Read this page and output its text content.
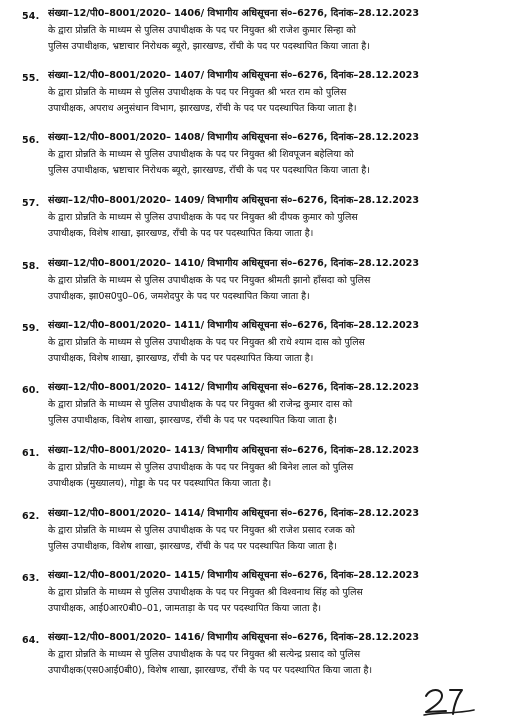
54. संख्या–12/पी0–8001/2020– 1406/ विभागीय अधिसूचना सं०–6276, दिनांक–28.12.2023
के द्वारा प्रोन्नति के माध्यम से पुलिस उपाधीक्षक के पद पर नियुक्त श्री राजेश कुमार सिन्हा को
पुलिस उपाधीक्षक, भ्रष्टाचार निरोधक ब्यूरो, झारखण्ड, राँची के पद पर पदस्थापित किया जाता है।
55. संख्या–12/पी0–8001/2020– 1407/ विभागीय अधिसूचना सं०–6276, दिनांक–28.12.2023
के द्वारा प्रोन्नति के माध्यम से पुलिस उपाधीक्षक के पद पर नियुक्त श्री भरत राम को पुलिस
उपाधीक्षक, अपराध अनुसंधान विभाग, झारखण्ड, राँची के पद पर पदस्थापित किया जाता है।
56. संख्या–12/पी0–8001/2020– 1408/ विभागीय अधिसूचना सं०–6276, दिनांक–28.12.2023
के द्वारा प्रोन्नति के माध्यम से पुलिस उपाधीक्षक के पद पर नियुक्त श्री शिवपूजन बहेलिया को
पुलिस उपाधीक्षक, भ्रष्टाचार निरोधक ब्यूरो, झारखण्ड, राँची के पद पर पदस्थापित किया जाता है।
57. संख्या–12/पी0–8001/2020– 1409/ विभागीय अधिसूचना सं०–6276, दिनांक–28.12.2023
के द्वारा प्रोन्नति के माध्यम से पुलिस उपाधीक्षक के पद पर नियुक्त श्री दीपक कुमार को पुलिस
उपाधीक्षक, विशेष शाखा, झारखण्ड, राँची के पद पर पदस्थापित किया जाता है।
58. संख्या–12/पी0–8001/2020– 1410/ विभागीय अधिसूचना सं०–6276, दिनांक–28.12.2023
के द्वारा प्रोन्नति के माध्यम से पुलिस उपाधीक्षक के पद पर नियुक्त श्रीमती झानो हाँसदा को पुलिस
उपाधीक्षक, झा0स0पु0–06, जमशेदपुर के पद पर पदस्थापित किया जाता है।
59. संख्या–12/पी0–8001/2020– 1411/ विभागीय अधिसूचना सं०–6276, दिनांक–28.12.2023
के द्वारा प्रोन्नति के माध्यम से पुलिस उपाधीक्षक के पद पर नियुक्त श्री राधे श्याम दास को पुलिस
उपाधीक्षक, विशेष शाखा, झारखण्ड, राँची के पद पर पदस्थापित किया जाता है।
60. संख्या–12/पी0–8001/2020– 1412/ विभागीय अधिसूचना सं०–6276, दिनांक–28.12.2023
के द्वारा प्रोन्नति के माध्यम से पुलिस उपाधीक्षक के पद पर नियुक्त श्री राजेन्द्र कुमार दास को
पुलिस उपाधीक्षक, विशेष शाखा, झारखण्ड, राँची के पद पर पदस्थापित किया जाता है।
61. संख्या–12/पी0–8001/2020– 1413/ विभागीय अधिसूचना सं०–6276, दिनांक–28.12.2023
के द्वारा प्रोन्नति के माध्यम से पुलिस उपाधीक्षक के पद पर नियुक्त श्री बिनेश लाल को पुलिस
उपाधीक्षक (मुख्यालय), गोड्डा के पद पर पदस्थापित किया जाता है।
62. संख्या–12/पी0–8001/2020– 1414/ विभागीय अधिसूचना सं०–6276, दिनांक–28.12.2023
के द्वारा प्रोन्नति के माध्यम से पुलिस उपाधीक्षक के पद पर नियुक्त श्री राजेश प्रसाद रजक को
पुलिस उपाधीक्षक, विशेष शाखा, झारखण्ड, राँची के पद पर पदस्थापित किया जाता है।
63. संख्या–12/पी0–8001/2020– 1415/ विभागीय अधिसूचना सं०–6276, दिनांक–28.12.2023
के द्वारा प्रोन्नति के माध्यम से पुलिस उपाधीक्षक के पद पर नियुक्त श्री विश्वनाथ सिंह को पुलिस
उपाधीक्षक, आई0आर0बी0–01, जामताड़ा के पद पर पदस्थापित किया जाता है।
64. संख्या–12/पी0–8001/2020– 1416/ विभागीय अधिसूचना सं०–6276, दिनांक–28.12.2023
के द्वारा प्रोन्नति के माध्यम से पुलिस उपाधीक्षक के पद पर नियुक्त श्री सत्येन्द्र प्रसाद को पुलिस
उपाधीक्षक(एस0आई0बी0), विशेष शाखा, झारखण्ड, राँची के पद पर पदस्थापित किया जाता है।
